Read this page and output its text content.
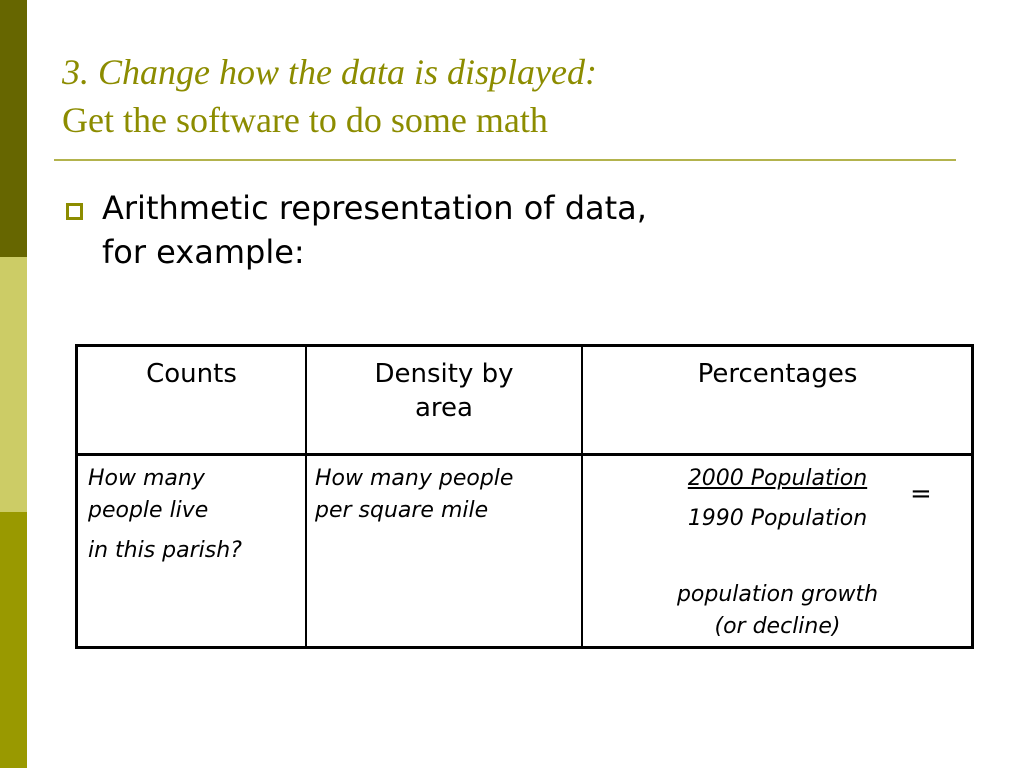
3. Change how the data is displayed:
Get the software to do some math
Arithmetic representation of data,
for example:
Counts	Density by
area
Percentages
How many
people live
in this parish?
How many people
per square mile
2000 Population
1990 Population
population growth
(or decline)
=
